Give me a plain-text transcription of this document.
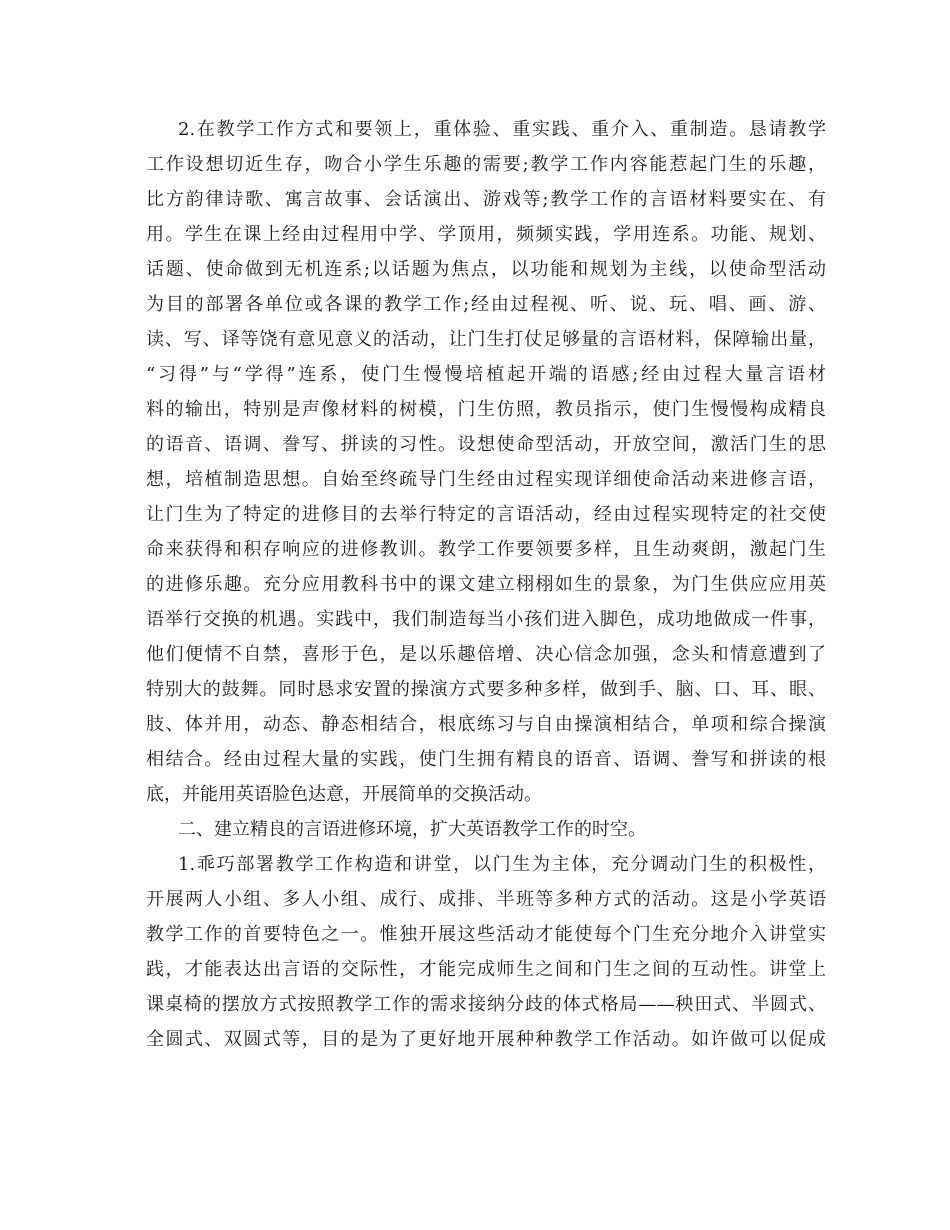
2.在教学工作方式和要领上，重体验、重实践、重介入、重制造。恳请教学
工作设想切近生存，吻合小学生乐趣的需要;教学工作内容能惹起门生的乐趣，
比方韵律诗歌、寓言故事、会话演出、游戏等;教学工作的言语材料要实在、有
用。学生在课上经由过程用中学、学顶用，频频实践，学用连系。功能、规划、
话题、使命做到无机连系;以话题为焦点，以功能和规划为主线，以使命型活动
为目的部署各单位或各课的教学工作;经由过程视、听、说、玩、唱、画、游、
读、写、译等饶有意见意义的活动，让门生打仗足够量的言语材料，保障输出量，
“习得”与“学得”连系，使门生慢慢培植起开端的语感;经由过程大量言语材
料的输出，特别是声像材料的树模，门生仿照，教员指示，使门生慢慢构成精良
的语音、语调、誊写、拼读的习性。设想使命型活动，开放空间，激活门生的思
想，培植制造思想。自始至终疏导门生经由过程实现详细使命活动来进修言语，
让门生为了特定的进修目的去举行特定的言语活动，经由过程实现特定的社交使
命来获得和积存响应的进修教训。教学工作要领要多样，且生动爽朗，激起门生
的进修乐趣。充分应用教科书中的课文建立栩栩如生的景象，为门生供应应用英
语举行交换的机遇。实践中，我们制造每当小孩们进入脚色，成功地做成一件事，
他们便情不自禁，喜形于色，是以乐趣倍增、决心信念加强，念头和情意遭到了
特别大的鼓舞。同时恳求安置的操演方式要多种多样，做到手、脑、口、耳、眼、
肢、体并用，动态、静态相结合，根底练习与自由操演相结合，单项和综合操演
相结合。经由过程大量的实践，使门生拥有精良的语音、语调、誊写和拼读的根
底，并能用英语脸色达意，开展简单的交换活动。
二、建立精良的言语进修环境，扩大英语教学工作的时空。
1.乖巧部署教学工作构造和讲堂，以门生为主体，充分调动门生的积极性，
开展两人小组、多人小组、成行、成排、半班等多种方式的活动。这是小学英语
教学工作的首要特色之一。惟独开展这些活动才能使每个门生充分地介入讲堂实
践，才能表达出言语的交际性，才能完成师生之间和门生之间的互动性。讲堂上
课桌椅的摆放方式按照教学工作的需求接纳分歧的体式格局——秧田式、半圆式、
全圆式、双圆式等，目的是为了更好地开展种种教学工作活动。如许做可以促成
